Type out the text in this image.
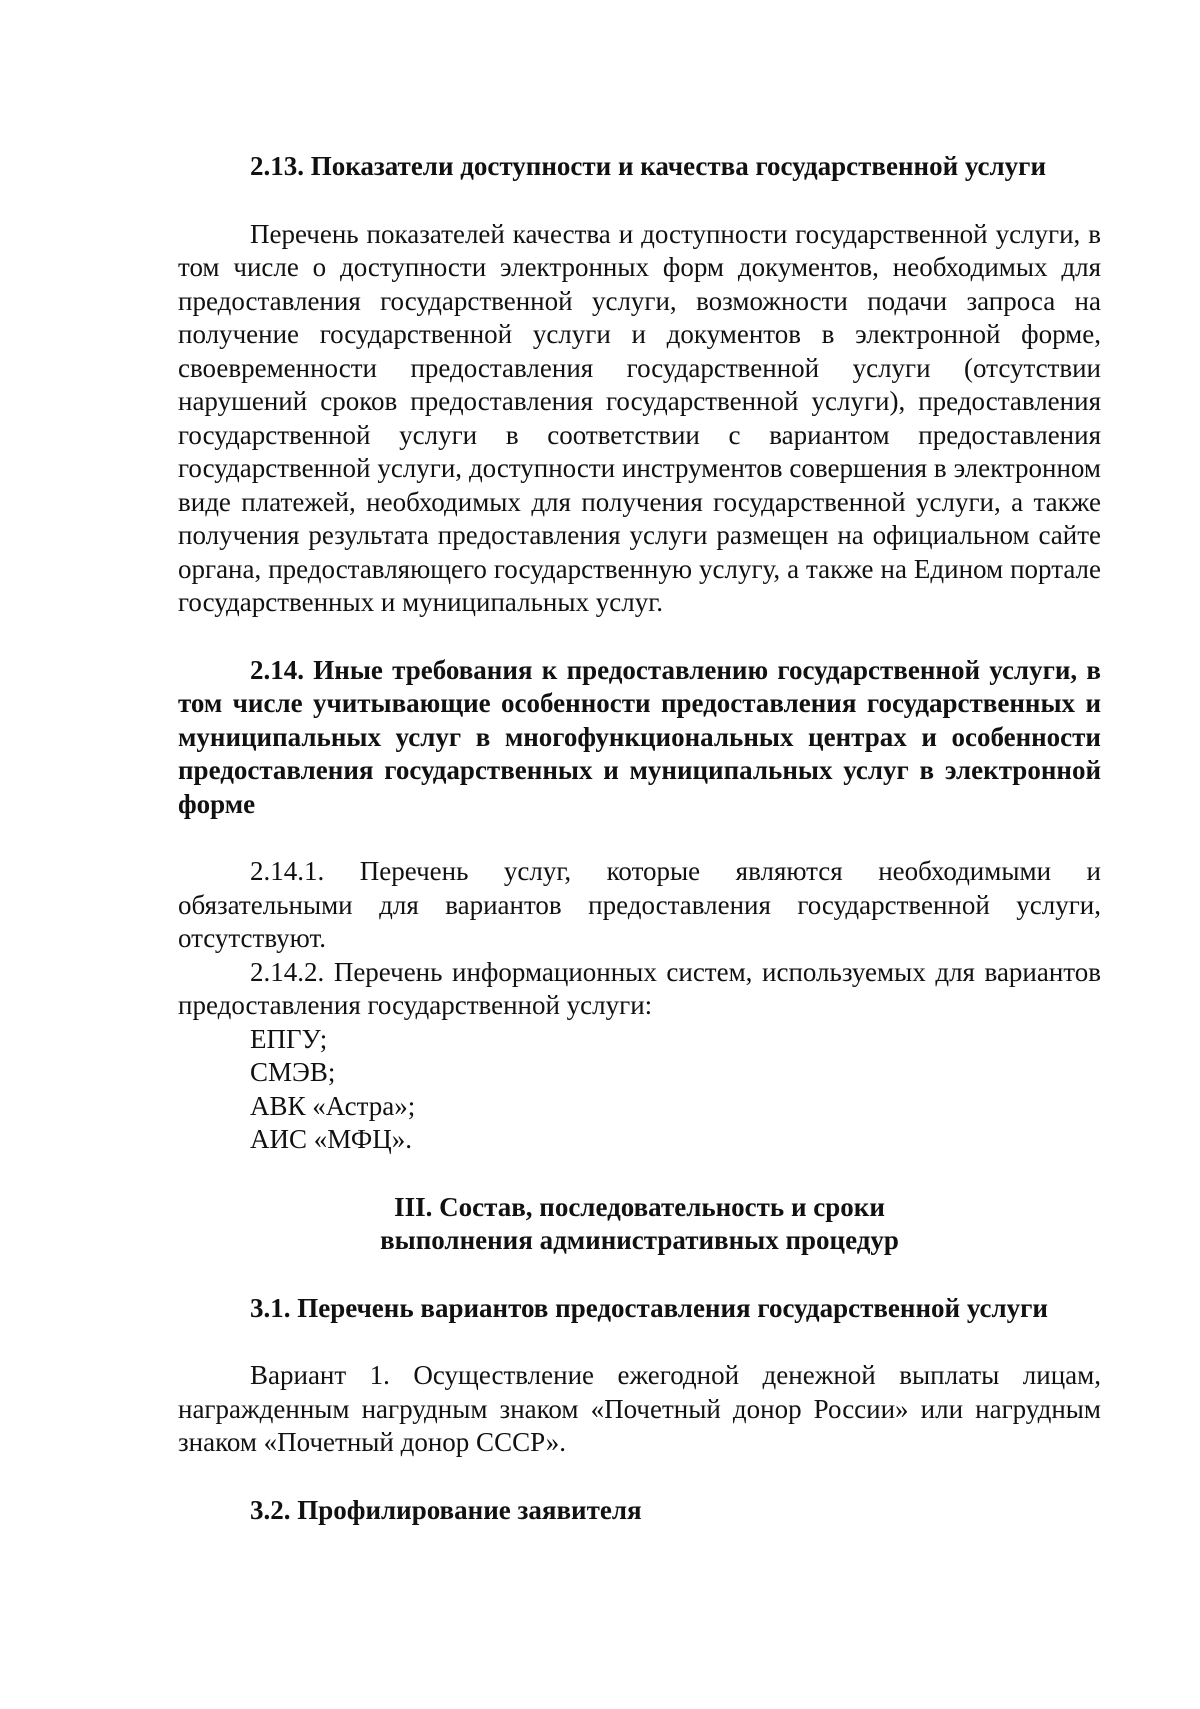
2.13. Показатели доступности и качества государственной услуги

Перечень показателей качества и доступности государственной услуги, в том числе о доступности электронных форм документов, необходимых для предоставления государственной услуги, возможности подачи запроса на получение государственной услуги и документов в электронной форме, своевременности предоставления государственной услуги (отсутствии нарушений сроков предоставления государственной услуги), предоставления государственной услуги в соответствии с вариантом предоставления государственной услуги, доступности инструментов совершения в электронном виде платежей, необходимых для получения государственной услуги, а также получения результата предоставления услуги размещен на официальном сайте органа, предоставляющего государственную услугу, а также на Едином портале государственных и муниципальных услуг.

2.14. Иные требования к предоставлению государственной услуги, в том числе учитывающие особенности предоставления государственных и муниципальных услуг в многофункциональных центрах и особенности предоставления государственных и муниципальных услуг в электронной форме

2.14.1. Перечень услуг, которые являются необходимыми и обязательными для вариантов предоставления государственной услуги, отсутствуют.

2.14.2. Перечень информационных систем, используемых для вариантов предоставления государственной услуги:

ЕПГУ;

СМЭВ;

АВК «Астра»;

АИС «МФЦ».

III. Состав, последовательность и сроки

выполнения административных процедур

3.1. Перечень вариантов предоставления государственной услуги

Вариант 1. Осуществление ежегодной денежной выплаты лицам, награжденным нагрудным знаком «Почетный донор России» или нагрудным знаком «Почетный донор СССР».

3.2. Профилирование заявителя
